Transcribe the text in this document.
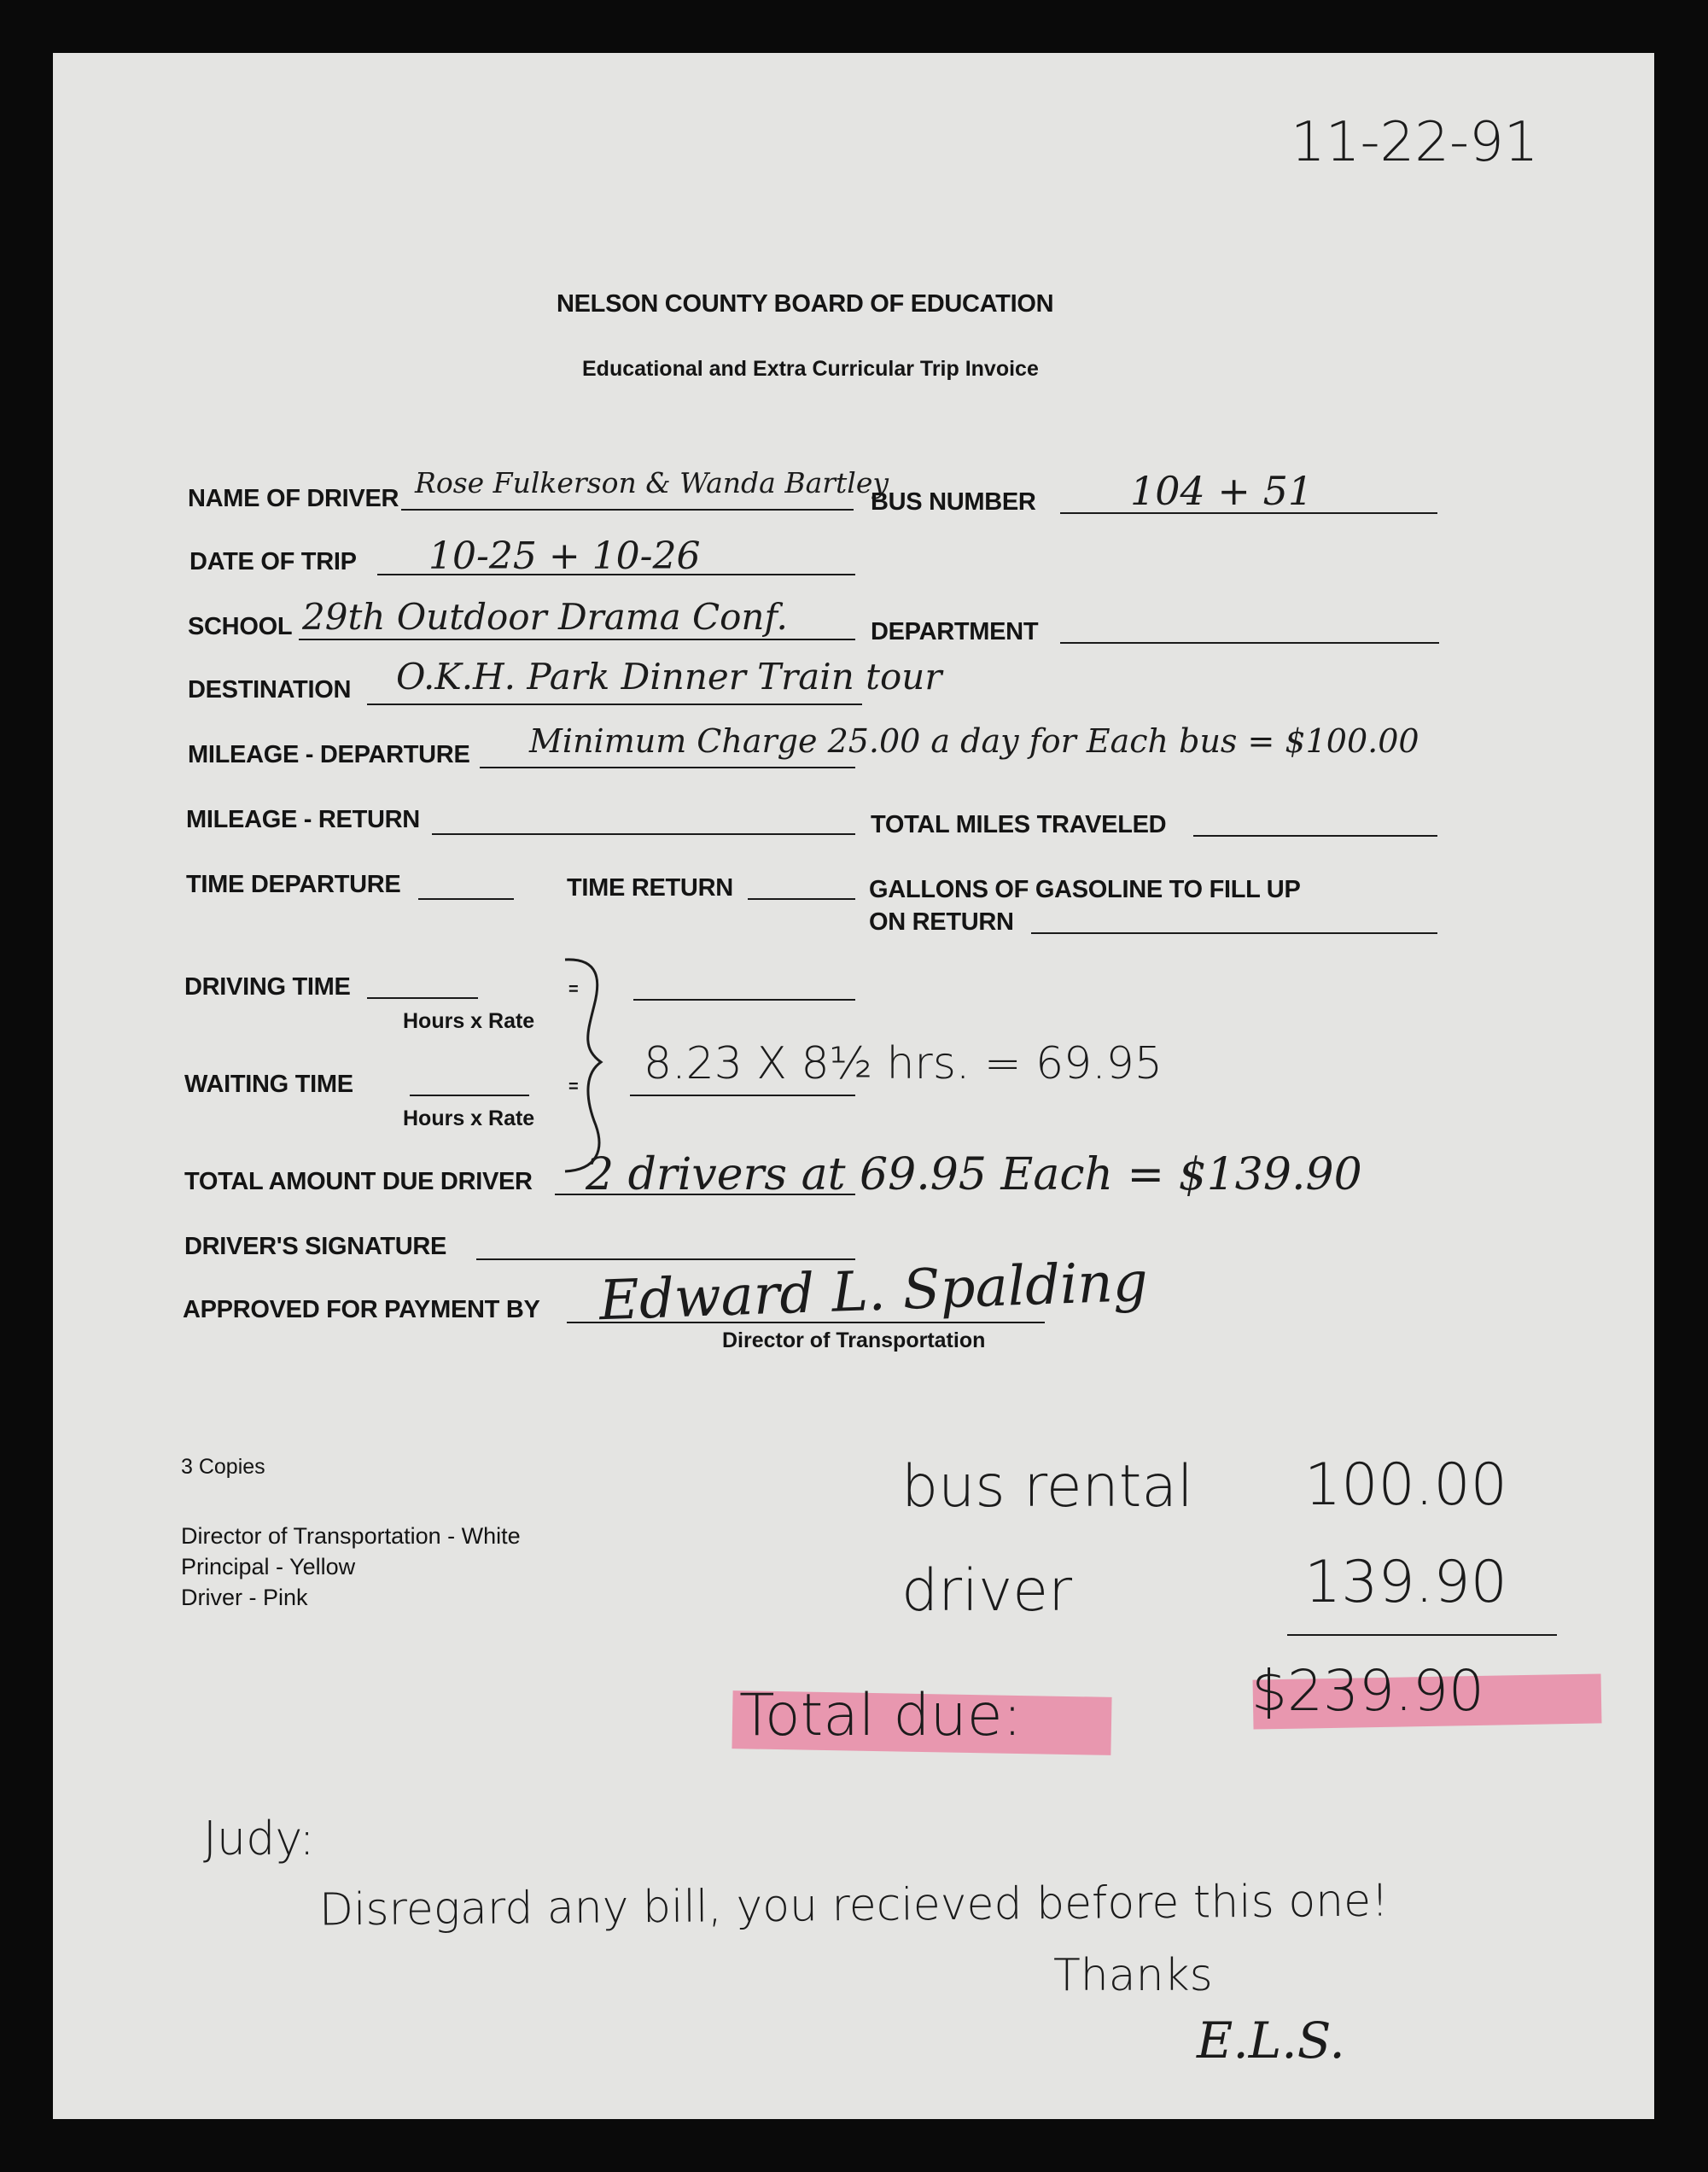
11-22-91
NELSON COUNTY BOARD OF EDUCATION
Educational and Extra Curricular Trip Invoice
NAME OF DRIVER Rose Fulkerson & Wanda Bartley
BUS NUMBER 104 + 51
DATE OF TRIP 10-25 + 10-26
SCHOOL 29th Outdoor Drama Conf.	DEPARTMENT
DESTINATION O.K.H. Park Dinner Train tour
MILEAGE - DEPARTURE Minimum Charge 25.00 a day for Each bus = $100.00
MILEAGE - RETURN	TOTAL MILES TRAVELED
TIME DEPARTURE	TIME RETURN	GALLONS OF GASOLINE TO FILL UP
ON RETURN
DRIVING TIME	=
Hours x Rate
WAITING TIME	=
Hours x Rate
8.23 X 8½ hrs. = 69.95
TOTAL AMOUNT DUE DRIVER 2 drivers at 69.95 Each = $139.90
DRIVER'S SIGNATURE
APPROVED FOR PAYMENT BY Edward L. Spalding
Director of Transportation
3 Copies
Director of Transportation - White
Principal - Yellow
Driver - Pink
bus rental 100.00
driver	139.90
Total due:	$239.90
Judy:
Disregard any bill, you recieved before this one!
Thanks
E.L.S.
